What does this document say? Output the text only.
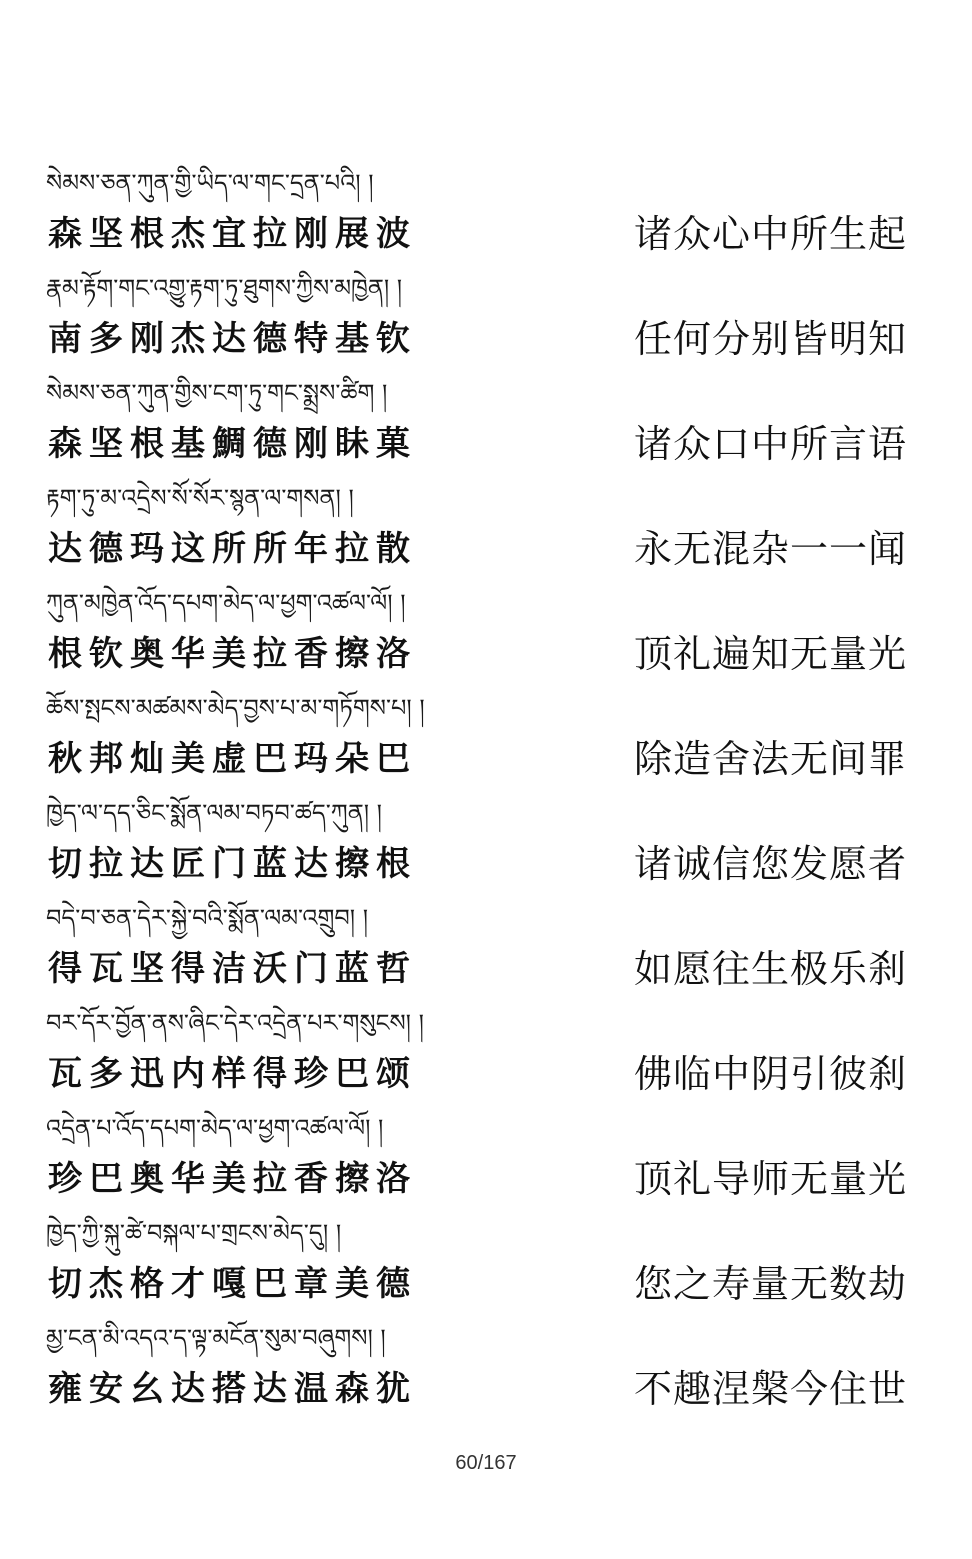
སེམས་ཅན་ཀུན་གྱི་ཡིད་ལ་གང་དྲན་པའི། །
森坚根杰宜拉刚展波	诸众心中所生起
རྣམ་རྟོག་གང་འགྱུ་རྟག་ཏུ་ཐུགས་ཀྱིས་མཁྱེན། །
南多刚杰达德特基钦	任何分别皆明知
སེམས་ཅན་ཀུན་གྱིས་ངག་ཏུ་གང་སྨྲས་ཚིག །
森坚根基鯛德刚眛菓	诸众口中所言语
རྟག་ཏུ་མ་འདྲེས་སོ་སོར་སྙན་ལ་གསན། །
达德玛这所所年拉散	永无混杂一一闻
ཀུན་མཁྱེན་འོད་དཔག་མེད་ལ་ཕྱག་འཚལ་ལོ། །
根钦奥华美拉香擦洛	顶礼遍知无量光
ཆོས་སྤངས་མཚམས་མེད་བྱས་པ་མ་གཏོགས་པ། །
秋邦灿美虚巴玛朵巴	除造舍法无间罪
ཁྱེད་ལ་དད་ཅིང་སྨོན་ལམ་བཏབ་ཚད་ཀུན། །
切拉达匠门蓝达擦根	诸诚信您发愿者
བདེ་བ་ཅན་དེར་སྐྱེ་བའི་སྨོན་ལམ་འགྲུབ། །
得瓦坚得洁沃门蓝哲	如愿往生极乐刹
བར་དོར་བྱོན་ནས་ཞིང་དེར་འདྲེན་པར་གསུངས། །
瓦多迅内样得珍巴颂	佛临中阴引彼刹
འདྲེན་པ་འོད་དཔག་མེད་ལ་ཕྱག་འཚལ་ལོ། །
珍巴奥华美拉香擦洛	顶礼导师无量光
ཁྱེད་ཀྱི་སྐུ་ཚེ་བསྐལ་པ་གྲངས་མེད་དུ། །
切杰格才嘎巴章美德	您之寿量无数劫
མྱ་ངན་མི་འདའ་ད་ལྟ་མངོན་སུམ་བཞུགས། །
雍安幺达搭达温森犹	不趣涅槃今住世
60/167
